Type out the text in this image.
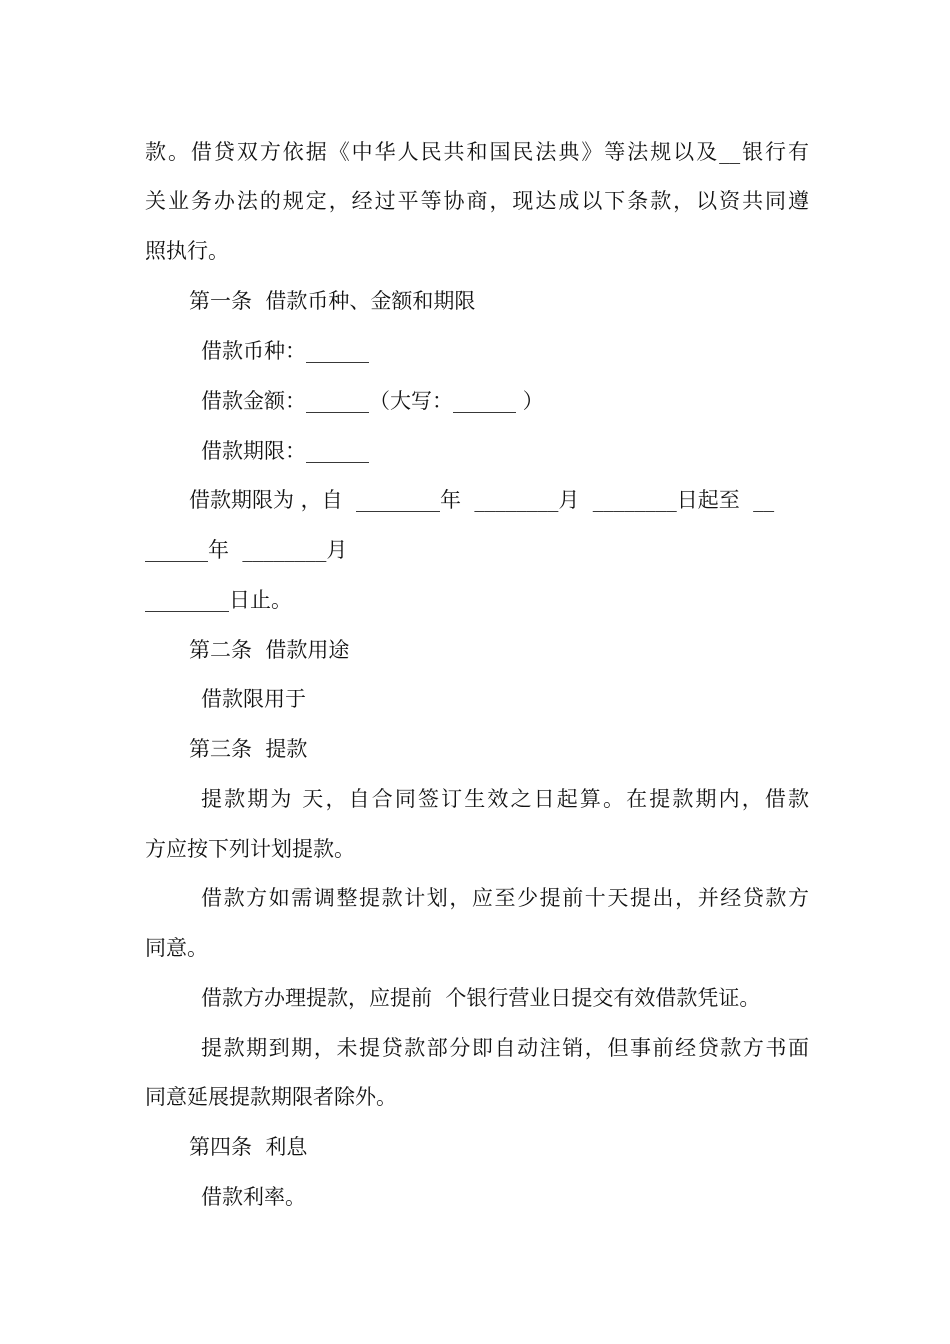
款。借贷双方依据《中华人民共和国民法典》等法规以及__银行有

关业务办法的规定，经过平等协商，现达成以下条款，以资共同遵

照执行。

第一条  借款币种、金额和期限

借款币种：______

借款金额：______（大写：______ ）

借款期限：______

借款期限为 ，自  ________年  ________月  ________日起至  __

______年  ________月

________日止。

第二条  借款用途

借款限用于

第三条  提款

提款期为 天，自合同签订生效之日起算。在提款期内，借款

方应按下列计划提款。

借款方如需调整提款计划，应至少提前十天提出，并经贷款方

同意。

借款方办理提款，应提前  个银行营业日提交有效借款凭证。

提款期到期，未提贷款部分即自动注销，但事前经贷款方书面

同意延展提款期限者除外。

第四条  利息

借款利率。
